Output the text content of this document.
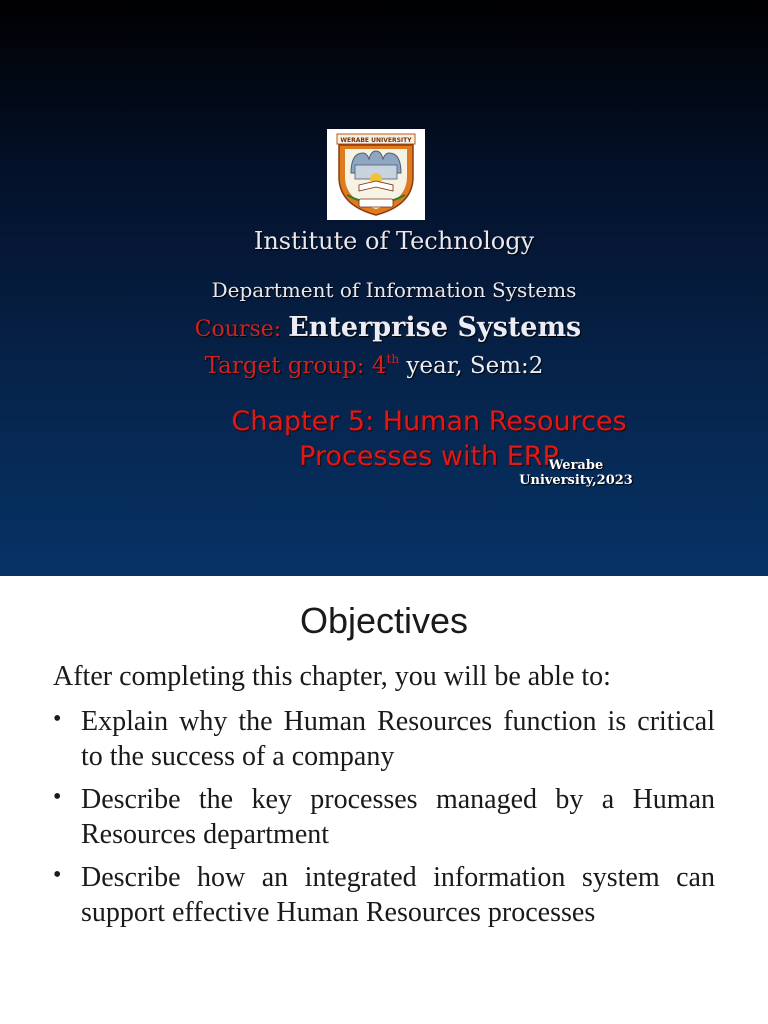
WERABE UNIVERSITY
Institute of Technology
Department of Information Systems
Course: Enterprise Systems
Target group: 4th year, Sem:2
Chapter 5: Human Resources
Processes with ERP
Werabe
University,2023
Objectives
After completing this chapter, you will be able to:
• Explain why the Human Resources function is critical to the success of a company
• Describe the key processes managed by a Human Resources department
• Describe how an integrated information system can support effective Human Resources processes
